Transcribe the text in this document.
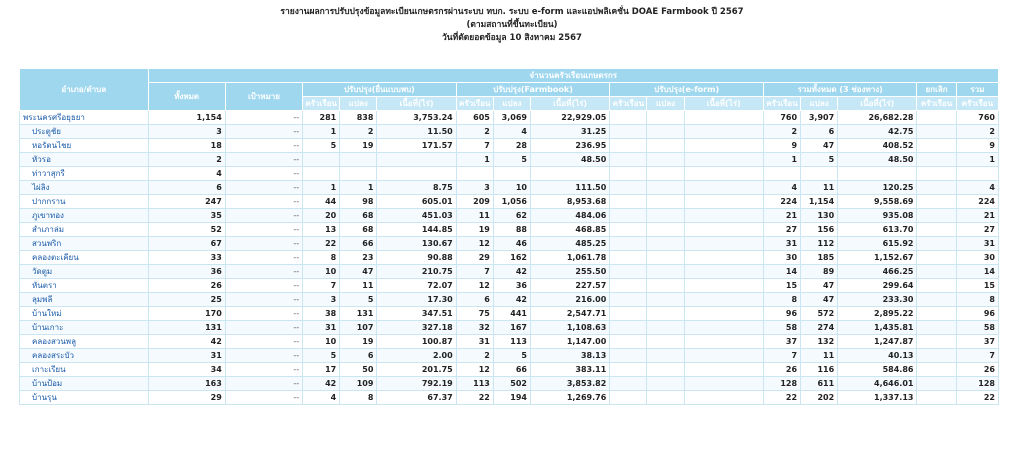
รายงานผลการปรับปรุงข้อมูลทะเบียนเกษตรกรผ่านระบบ ทบก. ระบบ e-form และแอปพลิเคชั่น DOAE Farmbook ปี 2567
(ตามสถานที่ขึ้นทะเบียน)
วันที่ตัดยอดข้อมูล 10 สิงหาคม 2567
อำเภอ/ตำบล	จำนวนครัวเรือนเกษตรกร															
	ทั้งหมด	เป้าหมาย	ปรับปรุง(ยื่นแบบพบ)			ปรับปรุง(Farmbook)			ปรับปรุง(e-form)			รวมทั้งหมด (3 ช่องทาง)			ยกเลิก	รวม
			ครัวเรือน	แปลง	เนื้อที่(ไร่)	ครัวเรือน	แปลง	เนื้อที่(ไร่)	ครัวเรือน	แปลง	เนื้อที่(ไร่)	ครัวเรือน	แปลง	เนื้อที่(ไร่)	ครัวเรือน	ครัวเรือน
พระนครศรีอยุธยา	1,154	--	281	838	3,753.24	605	3,069	22,929.05				760	3,907	26,682.28		760
ประตูชัย	3	--	1	2	11.50	2	4	31.25				2	6	42.75		2
หอรัตนไชย	18	--	5	19	171.57	7	28	236.95				9	47	408.52		9
หัวรอ	2	--				1	5	48.50				1	5	48.50		1
ท่าวาสุกรี	4	--														
ไผ่ลิง	6	--	1	1	8.75	3	10	111.50				4	11	120.25		4
ปากกราน	247	--	44	98	605.01	209	1,056	8,953.68				224	1,154	9,558.69		224
ภูเขาทอง	35	--	20	68	451.03	11	62	484.06				21	130	935.08		21
สำเภาล่ม	52	--	13	68	144.85	19	88	468.85				27	156	613.70		27
สวนพริก	67	--	22	66	130.67	12	46	485.25				31	112	615.92		31
คลองตะเคียน	33	--	8	23	90.88	29	162	1,061.78				30	185	1,152.67		30
วัดตูม	36	--	10	47	210.75	7	42	255.50				14	89	466.25		14
หันตรา	26	--	7	11	72.07	12	36	227.57				15	47	299.64		15
ลุมพลี	25	--	3	5	17.30	6	42	216.00				8	47	233.30		8
บ้านใหม่	170	--	38	131	347.51	75	441	2,547.71				96	572	2,895.22		96
บ้านเกาะ	131	--	31	107	327.18	32	167	1,108.63				58	274	1,435.81		58
คลองสวนพลู	42	--	10	19	100.87	31	113	1,147.00				37	132	1,247.87		37
คลองสระบัว	31	--	5	6	2.00	2	5	38.13				7	11	40.13		7
เกาะเรียน	34	--	17	50	201.75	12	66	383.11				26	116	584.86		26
บ้านป้อม	163	--	42	109	792.19	113	502	3,853.82				128	611	4,646.01		128
บ้านรุน	29	--	4	8	67.37	22	194	1,269.76				22	202	1,337.13		22
